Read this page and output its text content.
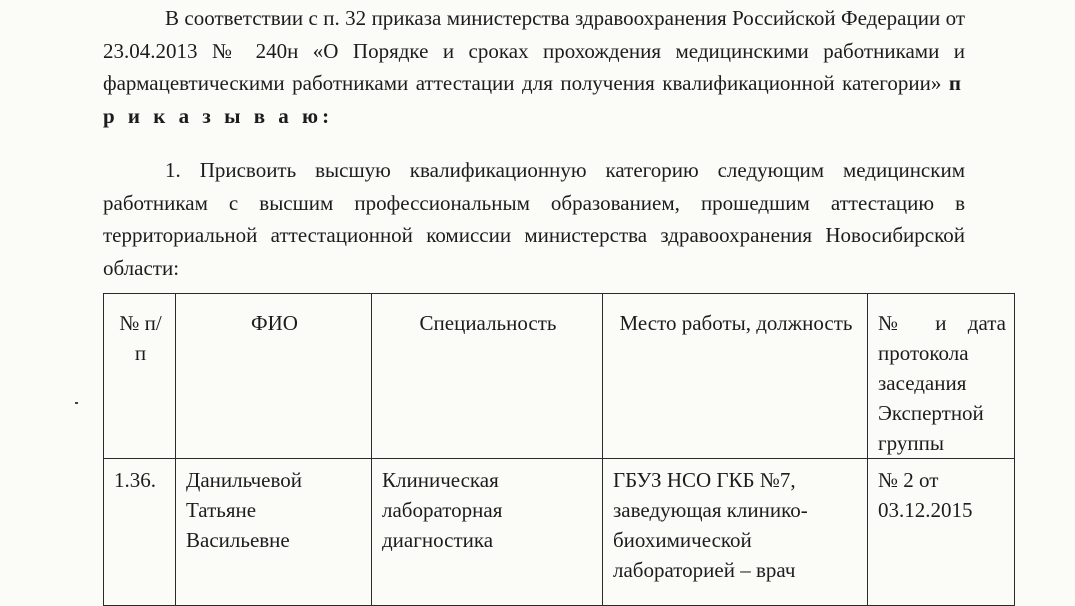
В соответствии с п. 32 приказа министерства здравоохранения Российской Федерации от 23.04.2013 № 240н «О Порядке и сроках прохождения медицинскими работниками и фармацевтическими работниками аттестации для получения квалификационной категории» п р и к а з ы в а ю:

1. Присвоить высшую квалификационную категорию следующим медицинским работникам с высшим профессиональным образованием, прошедшим аттестацию в территориальной аттестационной комиссии министерства здравоохранения Новосибирской области:

№ п/п	ФИО	Специальность	Место работы, должность	№ и дата протокола заседания Экспертной группы
1.36.	Данильчевой Татьяне Васильевне	Клиническая лабораторная диагностика	ГБУЗ НСО ГКБ №7, заведующая клинико-биохимической лабораторией – врач	№ 2 от 03.12.2015
